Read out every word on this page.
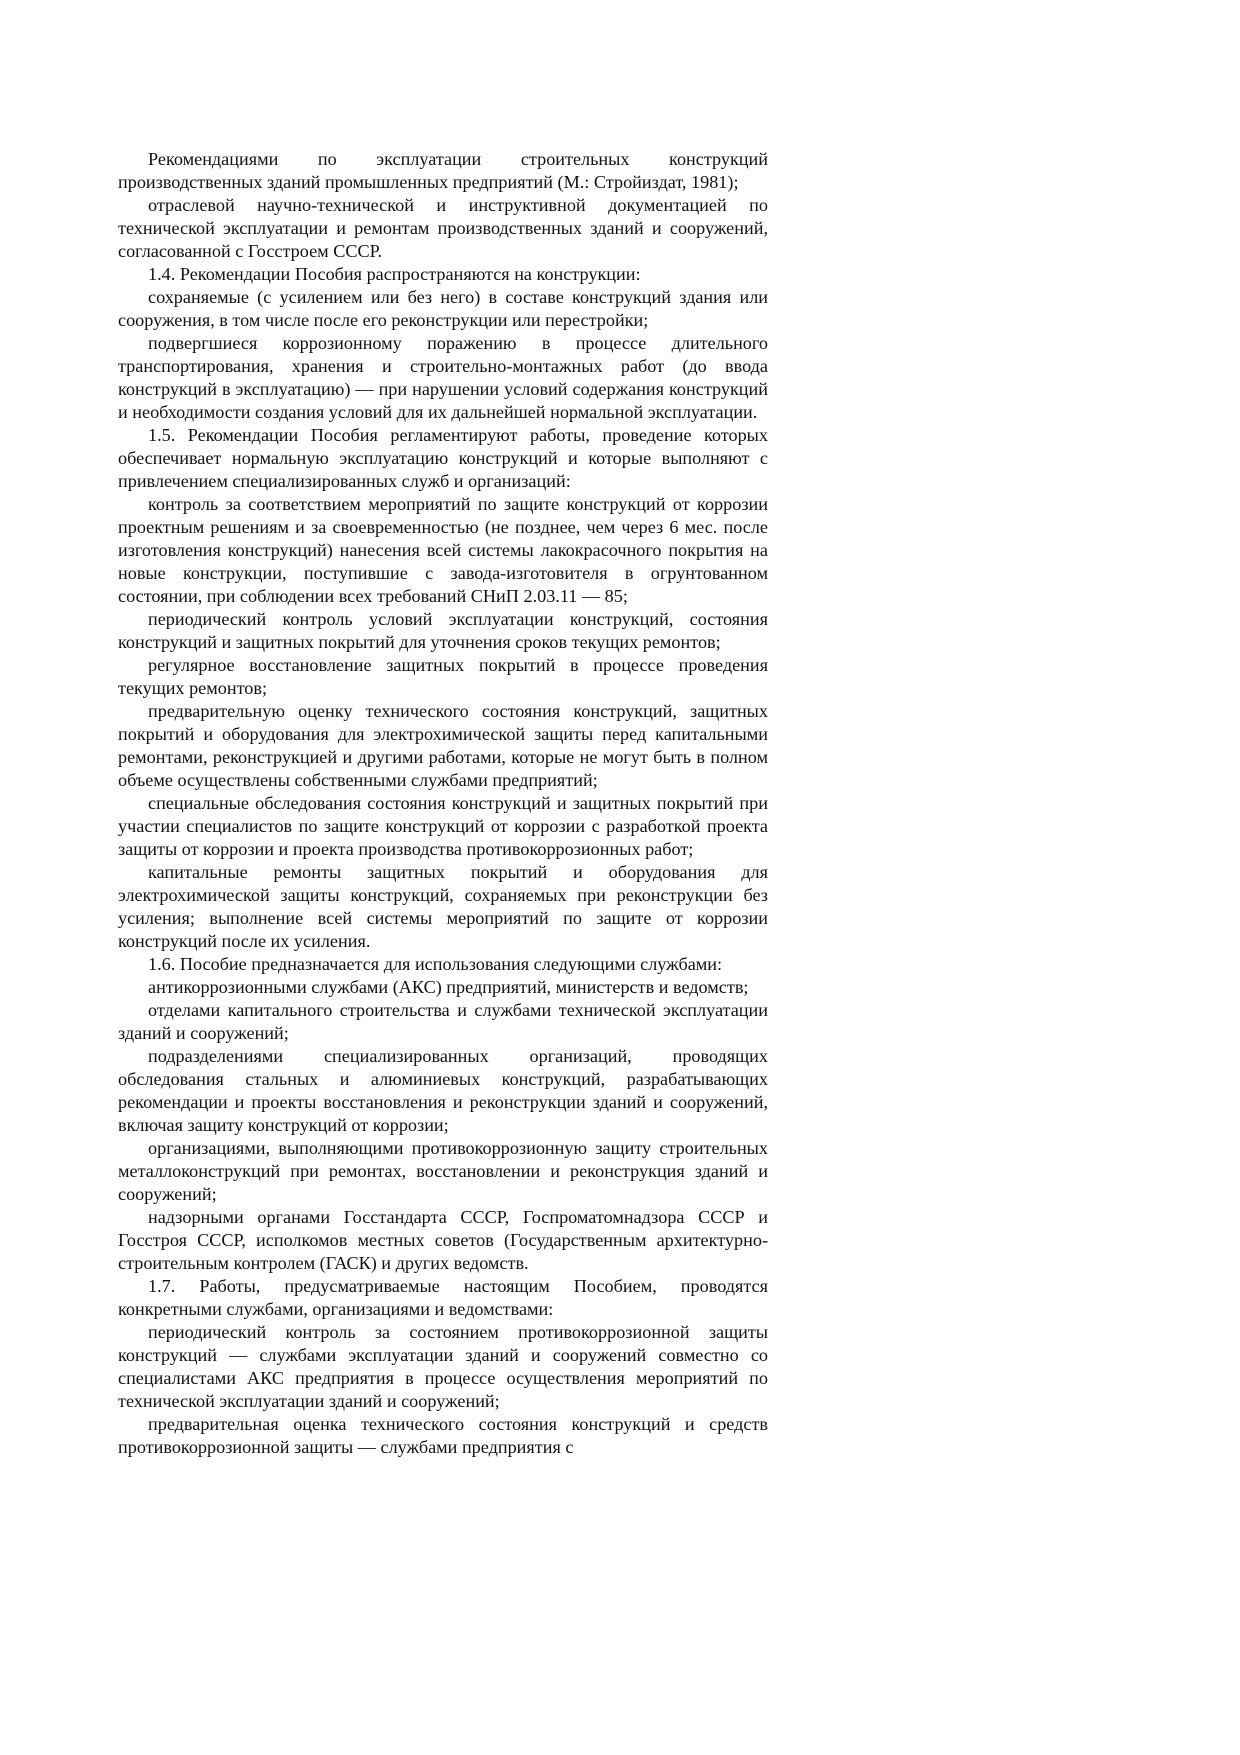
Рекомендациями по эксплуатации строительных конструкций производственных зданий промышленных предприятий (М.: Стройиздат, 1981);

отраслевой научно-технической и инструктивной документацией по технической эксплуатации и ремонтам производственных зданий и сооружений, согласованной с Госстроем СССР.

1.4. Рекомендации Пособия распространяются на конструкции:

сохраняемые (с усилением или без него) в составе конструкций здания или сооружения, в том числе после его реконструкции или перестройки;

подвергшиеся коррозионному поражению в процессе длительного транспортирования, хранения и строительно-монтажных работ (до ввода конструкций в эксплуатацию) — при нарушении условий содержания конструкций и необходимости создания условий для их дальнейшей нормальной эксплуатации.

1.5. Рекомендации Пособия регламентируют работы, проведение которых обеспечивает нормальную эксплуатацию конструкций и которые выполняют с привлечением специализированных служб и организаций:

контроль за соответствием мероприятий по защите конструкций от коррозии проектным решениям и за своевременностью (не позднее, чем через 6 мес. после изготовления конструкций) нанесения всей системы лакокрасочного покрытия на новые конструкции, поступившие с завода-изготовителя в огрунтованном состоянии, при соблюдении всех требований СНиП 2.03.11 — 85;

периодический контроль условий эксплуатации конструкций, состояния конструкций и защитных покрытий для уточнения сроков текущих ремонтов;

регулярное восстановление защитных покрытий в процессе проведения текущих ремонтов;

предварительную оценку технического состояния конструкций, защитных покрытий и оборудования для электрохимической защиты перед капитальными ремонтами, реконструкцией и другими работами, которые не могут быть в полном объеме осуществлены собственными службами предприятий;

специальные обследования состояния конструкций и защитных покрытий при участии специалистов по защите конструкций от коррозии с разработкой проекта защиты от коррозии и проекта производства противокоррозионных работ;

капитальные ремонты защитных покрытий и оборудования для электрохимической защиты конструкций, сохраняемых при реконструкции без усиления; выполнение всей системы мероприятий по защите от коррозии конструкций после их усиления.

1.6. Пособие предназначается для использования следующими службами:

антикоррозионными службами (АКС) предприятий, министерств и ведомств;

отделами капитального строительства и службами технической эксплуатации зданий и сооружений;

подразделениями специализированных организаций, проводящих обследования стальных и алюминиевых конструкций, разрабатывающих рекомендации и проекты восстановления и реконструкции зданий и сооружений, включая защиту конструкций от коррозии;

организациями, выполняющими противокоррозионную защиту строительных металлоконструкций при ремонтах, восстановлении и реконструкция зданий и сооружений;

надзорными органами Госстандарта СССР, Госпроматомнадзора СССР и Госстроя СССР, исполкомов местных советов (Государственным архитектурно-строительным контролем (ГАСК) и других ведомств.

1.7. Работы, предусматриваемые настоящим Пособием, проводятся конкретными службами, организациями и ведомствами:

периодический контроль за состоянием противокоррозионной защиты конструкций — службами эксплуатации зданий и сооружений совместно со специалистами АКС предприятия в процессе осуществления мероприятий по технической эксплуатации зданий и сооружений;

предварительная оценка технического состояния конструкций и средств противокоррозионной защиты — службами предприятия с
